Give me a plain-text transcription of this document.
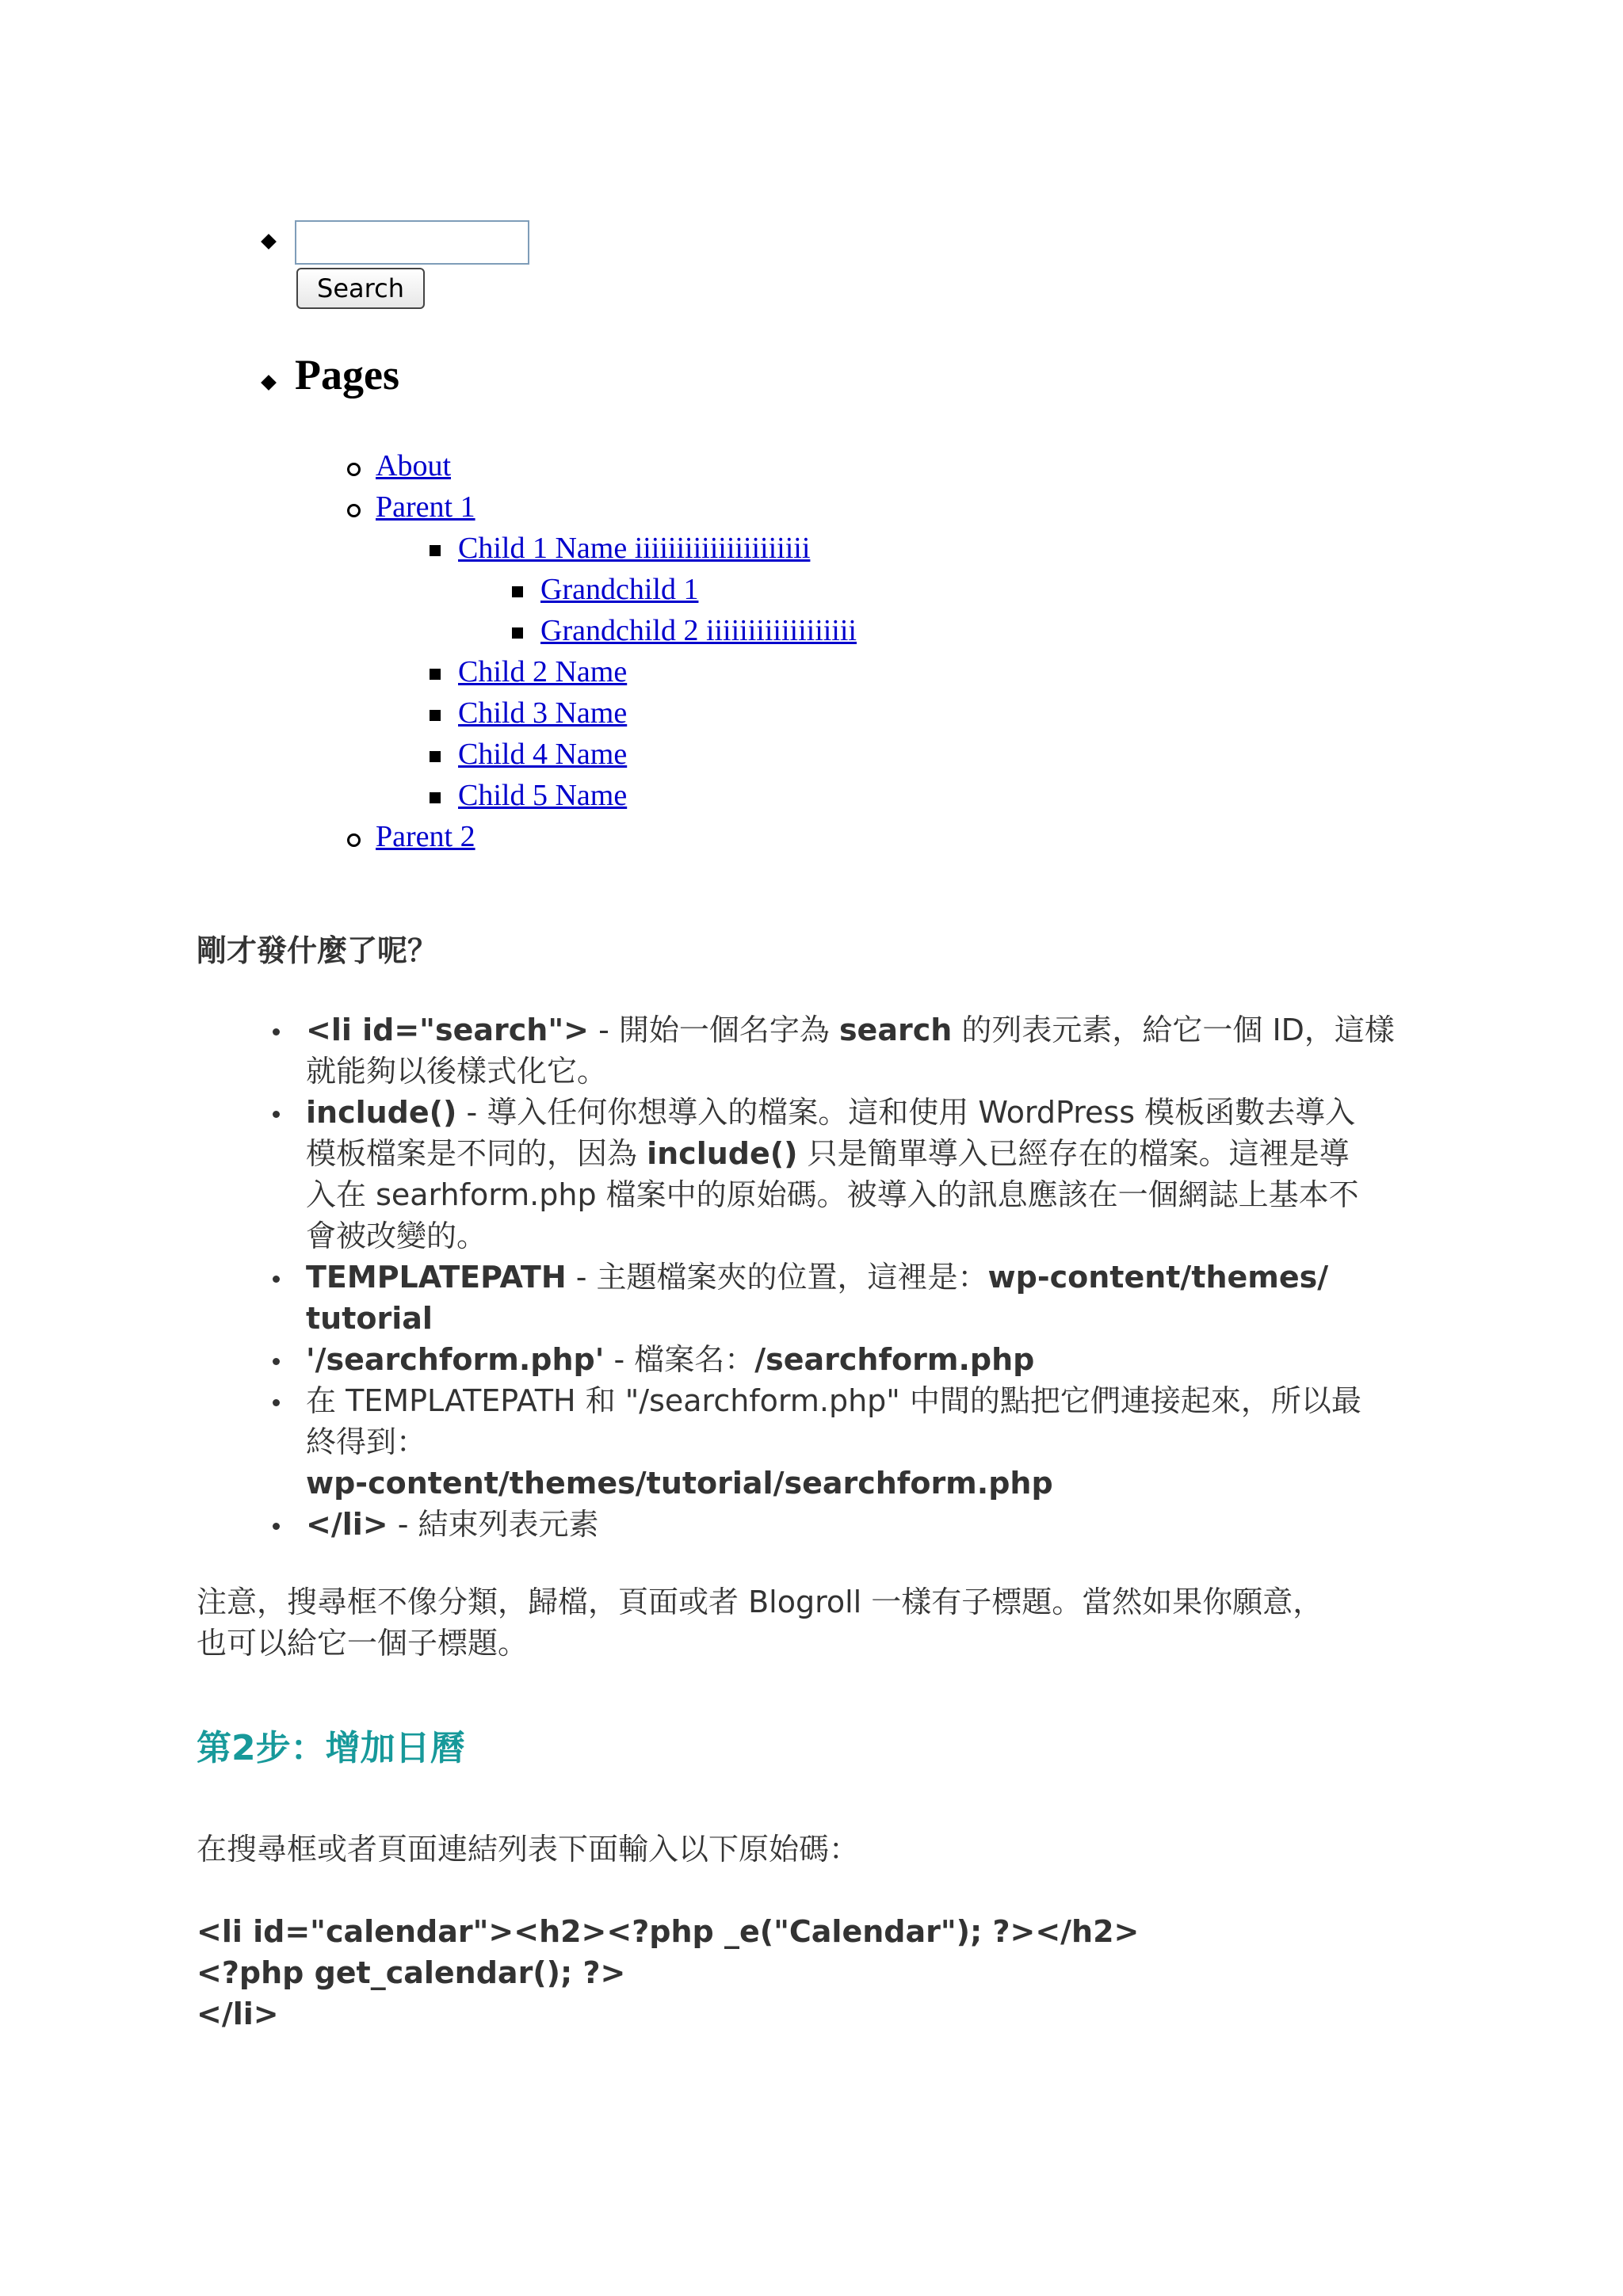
Search
Pages
About
Parent 1
Child 1 Name iiiiiiiiiiiiiiiiiiiii
Grandchild 1
Grandchild 2 iiiiiiiiiiiiiiiiii
Child 2 Name
Child 3 Name
Child 4 Name
Child 5 Name
Parent 2
剛才發什麼了呢？
<li id="search"> - 開始一個名字為 search 的列表元素，給它一個 ID，這樣
就能夠以後樣式化它。
include() - 導入任何你想導入的檔案。這和使用 WordPress 模板函數去導入
模板檔案是不同的，因為 include() 只是簡單導入已經存在的檔案。這裡是導
入在 searhform.php 檔案中的原始碼。被導入的訊息應該在一個網誌上基本不
會被改變的。
TEMPLATEPATH - 主題檔案夾的位置，這裡是：wp-content/themes/
tutorial
'/searchform.php' - 檔案名：/searchform.php
在 TEMPLATEPATH 和 "/searchform.php" 中間的點把它們連接起來，所以最
終得到：
wp-content/themes/tutorial/searchform.php
</li> - 結束列表元素
注意，搜尋框不像分類，歸檔，頁面或者 Blogroll 一樣有子標題。當然如果你願意，
也可以給它一個子標題。
第2步：增加日曆
在搜尋框或者頁面連結列表下面輸入以下原始碼：
<li id="calendar"><h2><?php _e("Calendar"); ?></h2>
<?php get_calendar(); ?>
</li>
